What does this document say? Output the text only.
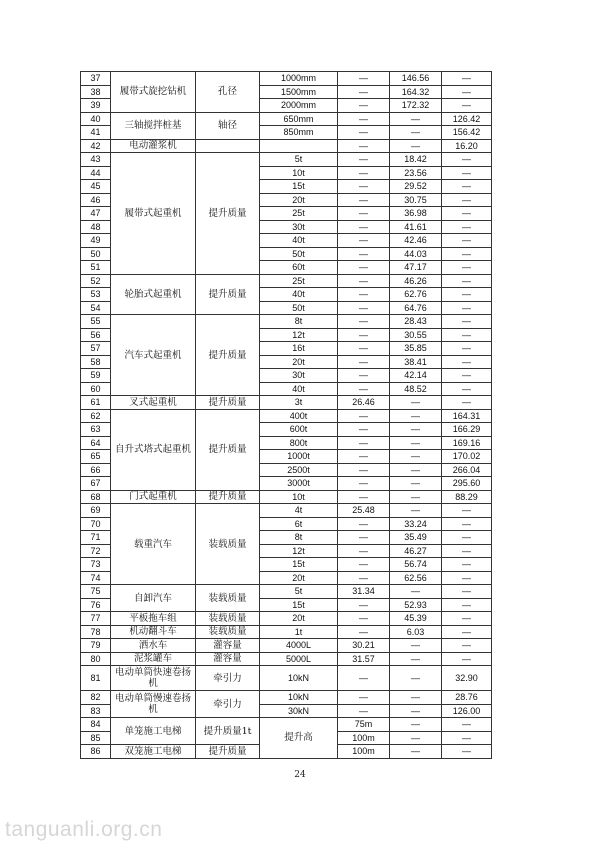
37	履带式旋挖钻机	孔径	1000mm	—	146.56	—	
38			1500mm	—	164.32	—	
39			2000mm	—	172.32	—	
40	三轴搅拌桩基	轴径	650mm	—	—	126.42	
41			850mm	—	—	156.42	
42	电动灌浆机			—	—	16.20	
43	履带式起重机	提升质量	5t	—	18.42	—	
44			10t	—	23.56	—	
45			15t	—	29.52	—	
46			20t	—	30.75	—	
47			25t	—	36.98	—	
48			30t	—	41.61	—	
49			40t	—	42.46	—	
50			50t	—	44.03	—	
51			60t	—	47.17	—	
52	轮胎式起重机	提升质量	25t	—	46.26	—	
53			40t	—	62.76	—	
54			50t	—	64.76	—	
55	汽车式起重机	提升质量	8t	—	28.43	—	
56			12t	—	30.55	—	
57			16t	—	35.85	—	
58			20t	—	38.41	—	
59			30t	—	42.14	—	
60			40t	—	48.52	—	
61	叉式起重机	提升质量	3t	26.46	—	—	
62	自升式塔式起重机	提升质量	400t	—	—	164.31	
63			600t	—	—	166.29	
64			800t	—	—	169.16	
65			1000t	—	—	170.02	
66			2500t	—	—	266.04	
67			3000t	—	—	295.60	
68	门式起重机	提升质量	10t	—	—	88.29	
69	载重汽车	装载质量	4t	25.48	—	—	
70			6t	—	33.24	—	
71			8t	—	35.49	—	
72			12t	—	46.27	—	
73			15t	—	56.74	—	
74			20t	—	62.56	—	
75	自卸汽车	装载质量	5t	31.34	—	—	
76			15t	—	52.93	—	
77	平板拖车组	装载质量	20t	—	45.39	—	
78	机动翻斗车	装载质量	1t	—	6.03	—	
79	洒水车	灌容量	4000L	30.21	—	—	
80	泥浆罐车	灌容量	5000L	31.57	—	—	
81	电动单筒快速卷扬机	牵引力	10kN	—	—	32.90	
82	电动单筒慢速卷扬机	牵引力	10kN	—	—	28.76	
83			30kN	—	—	126.00	
84	单笼施工电梯	提升质量1t	提升高	75m	—	—	
85				100m	—	—	
86	双笼施工电梯	提升质量		100m	—	—	
24
tanguanli.org.cn
